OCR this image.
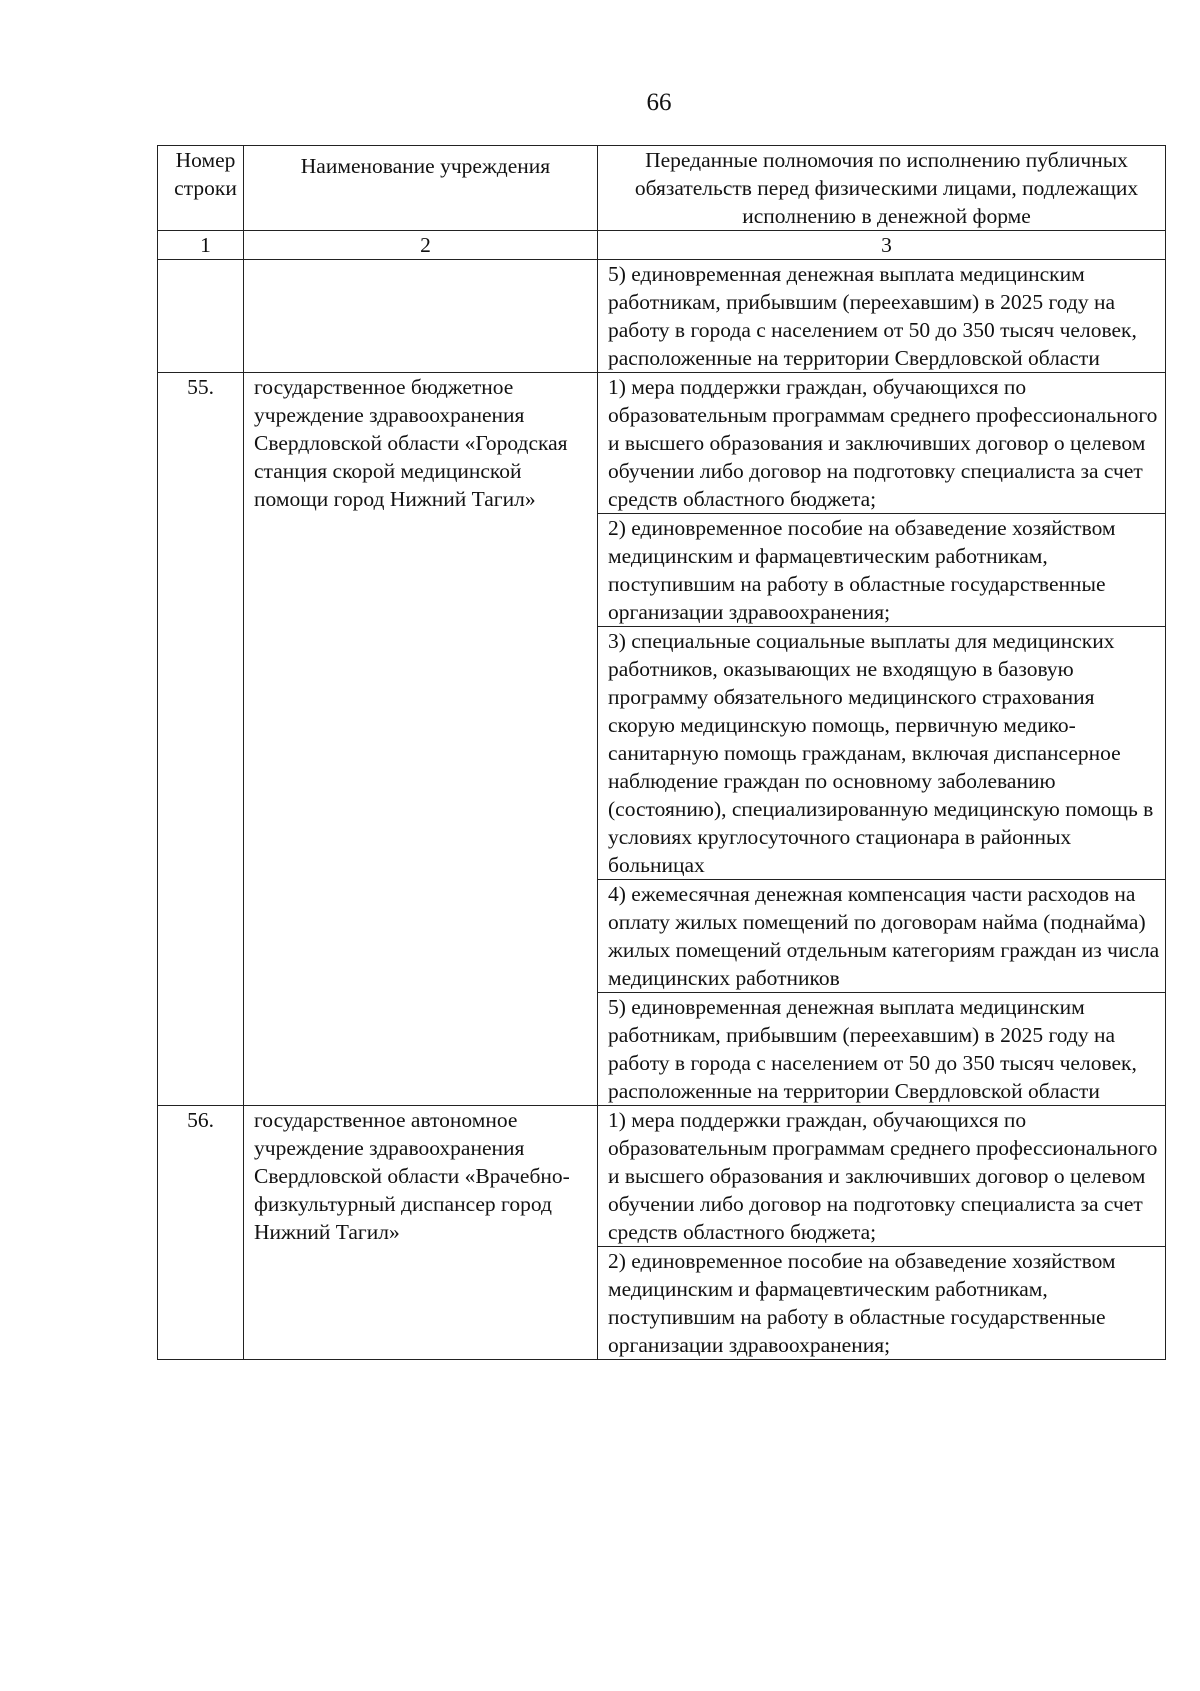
66
Номер строки	Наименование учреждения	Переданные полномочия по исполнению публичных обязательств перед физическими лицами, подлежащих исполнению в денежной форме
1	2	3
		5) единовременная денежная выплата медицинским работникам, прибывшим (переехавшим) в 2025 году на работу в города с населением от 50 до 350 тысяч человек, расположенные на территории Свердловской области
55.	государственное бюджетное учреждение здравоохранения Свердловской области «Городская станция скорой медицинской помощи город Нижний Тагил»	1) мера поддержки граждан, обучающихся по образовательным программам среднего профессионального и высшего образования и заключивших договор о целевом обучении либо договор на подготовку специалиста за счет средств областного бюджета;
		2) единовременное пособие на обзаведение хозяйством медицинским и фармацевтическим работникам, поступившим на работу в областные государственные организации здравоохранения;
		3) специальные социальные выплаты для медицинских работников, оказывающих не входящую в базовую программу обязательного медицинского страхования скорую медицинскую помощь, первичную медико-санитарную помощь гражданам, включая диспансерное наблюдение граждан по основному заболеванию (состоянию), специализированную медицинскую помощь в условиях круглосуточного стационара в районных больницах
		4) ежемесячная денежная компенсация части расходов на оплату жилых помещений по договорам найма (поднайма) жилых помещений отдельным категориям граждан из числа медицинских работников
		5) единовременная денежная выплата медицинским работникам, прибывшим (переехавшим) в 2025 году на работу в города с населением от 50 до 350 тысяч человек, расположенные на территории Свердловской области
56.	государственное автономное учреждение здравоохранения Свердловской области «Врачебно-физкультурный диспансер город Нижний Тагил»	1) мера поддержки граждан, обучающихся по образовательным программам среднего профессионального и высшего образования и заключивших договор о целевом обучении либо договор на подготовку специалиста за счет средств областного бюджета;
		2) единовременное пособие на обзаведение хозяйством медицинским и фармацевтическим работникам, поступившим на работу в областные государственные организации здравоохранения;
